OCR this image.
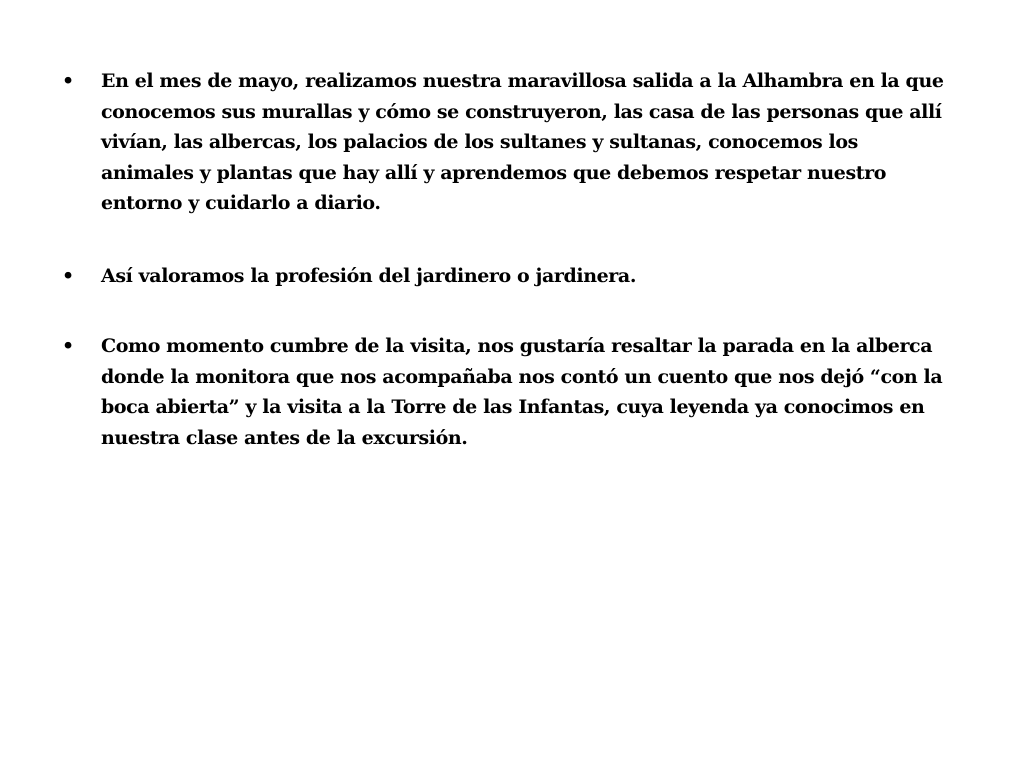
•	En el mes de mayo, realizamos nuestra maravillosa salida a la Alhambra en la que conocemos sus murallas y cómo se construyeron, las casa de las personas que allí vivían, las albercas, los palacios de los sultanes y sultanas, conocemos los animales y plantas que hay allí y aprendemos que debemos respetar nuestro entorno y cuidarlo a diario.
•	Así valoramos la profesión del jardinero o jardinera.
•	Como momento cumbre de la visita, nos gustaría resaltar la parada en la alberca donde la monitora que nos acompañaba nos contó un cuento que nos dejó “con la boca abierta” y la visita a la Torre de las Infantas, cuya leyenda ya conocimos en nuestra clase antes de la excursión.
